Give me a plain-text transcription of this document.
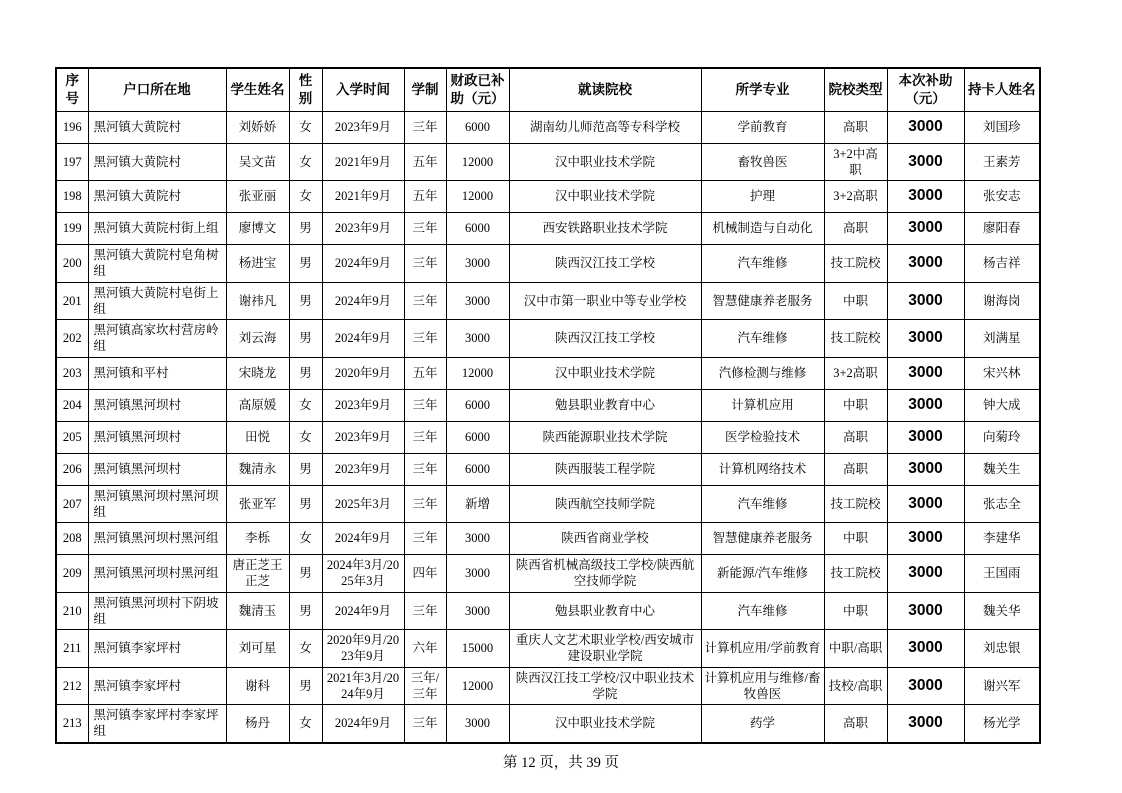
序号	户口所在地	学生姓名	性别	入学时间	学制	财政已补助（元）	就读院校	所学专业	院校类型	本次补助（元）	持卡人姓名
196	黑河镇大黄院村	刘娇娇	女	2023年9月	三年	6000	湖南幼儿师范高等专科学校	学前教育	高职	3000	刘国珍
197	黑河镇大黄院村	吴文苗	女	2021年9月	五年	12000	汉中职业技术学院	畜牧兽医	3+2中高职	3000	王素芳
198	黑河镇大黄院村	张亚丽	女	2021年9月	五年	12000	汉中职业技术学院	护理	3+2高职	3000	张安志
199	黑河镇大黄院村街上组	廖博文	男	2023年9月	三年	6000	西安铁路职业技术学院	机械制造与自动化	高职	3000	廖阳春
200	黑河镇大黄院村皂角树组	杨进宝	男	2024年9月	三年	3000	陕西汉江技工学校	汽车维修	技工院校	3000	杨吉祥
201	黑河镇大黄院村皂街上组	谢祎凡	男	2024年9月	三年	3000	汉中市第一职业中等专业学校	智慧健康养老服务	中职	3000	谢海岗
202	黑河镇高家坎村营房岭组	刘云海	男	2024年9月	三年	3000	陕西汉江技工学校	汽车维修	技工院校	3000	刘满星
203	黑河镇和平村	宋晓龙	男	2020年9月	五年	12000	汉中职业技术学院	汽修检测与维修	3+2高职	3000	宋兴林
204	黑河镇黑河坝村	高原媛	女	2023年9月	三年	6000	勉县职业教育中心	计算机应用	中职	3000	钟大成
205	黑河镇黑河坝村	田悦	女	2023年9月	三年	6000	陕西能源职业技术学院	医学检验技术	高职	3000	向菊玲
206	黑河镇黑河坝村	魏清永	男	2023年9月	三年	6000	陕西服装工程学院	计算机网络技术	高职	3000	魏关生
207	黑河镇黑河坝村黑河坝组	张亚军	男	2025年3月	三年	新增	陕西航空技师学院	汽车维修	技工院校	3000	张志全
208	黑河镇黑河坝村黑河组	李栎	女	2024年9月	三年	3000	陕西省商业学校	智慧健康养老服务	中职	3000	李建华
209	黑河镇黑河坝村黑河组	唐正芝王正芝	男	2024年3月/2025年3月	四年	3000	陕西省机械高级技工学校/陕西航空技师学院	新能源/汽车维修	技工院校	3000	王国雨
210	黑河镇黑河坝村下阴坡组	魏清玉	男	2024年9月	三年	3000	勉县职业教育中心	汽车维修	中职	3000	魏关华
211	黑河镇李家坪村	刘可星	女	2020年9月/2023年9月	六年	15000	重庆人文艺术职业学校/西安城市建设职业学院	计算机应用/学前教育	中职/高职	3000	刘忠银
212	黑河镇李家坪村	谢科	男	2021年3月/2024年9月	三年/三年	12000	陕西汉江技工学校/汉中职业技术学院	计算机应用与维修/畜牧兽医	技校/高职	3000	谢兴军
213	黑河镇李家坪村李家坪组	杨丹	女	2024年9月	三年	3000	汉中职业技术学院	药学	高职	3000	杨光学
第 12 页，共 39 页
